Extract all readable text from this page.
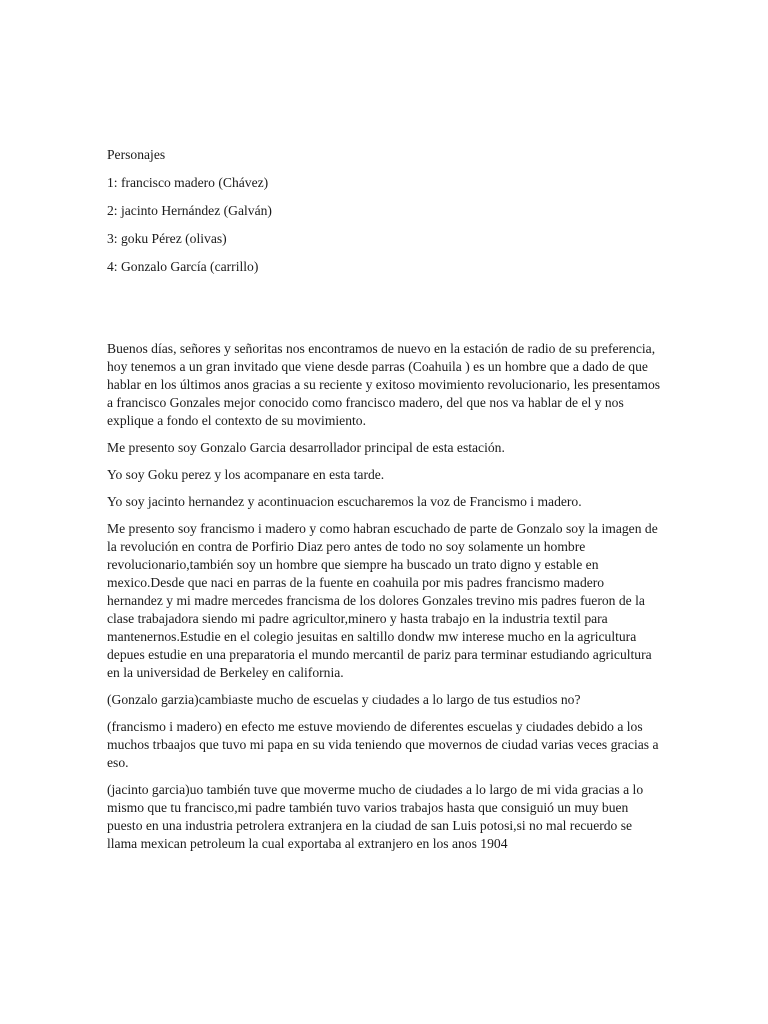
Personajes

1: francisco madero (Chávez)

2: jacinto Hernández (Galván)

3: goku Pérez (olivas)

4: Gonzalo García (carrillo)

Buenos días, señores y señoritas nos encontramos de nuevo en la estación de radio de su preferencia, hoy tenemos a un gran invitado que viene desde parras (Coahuila ) es un hombre que a dado de que hablar en los últimos anos gracias a su reciente y exitoso movimiento revolucionario, les presentamos a francisco Gonzales mejor conocido como francisco madero, del que nos va hablar de el y nos explique a fondo el contexto de su movimiento.

Me presento soy Gonzalo Garcia desarrollador principal de esta estación.

Yo soy Goku perez y los acompanare en esta tarde.

Yo soy jacinto hernandez y acontinuacion escucharemos la voz de Francismo i madero.

Me presento soy francismo i madero y como habran escuchado de parte de Gonzalo soy la imagen de la revolución en contra de Porfirio Diaz pero antes de todo no soy solamente un hombre revolucionario,también soy un hombre que siempre ha buscado un trato digno y estable en mexico.Desde que naci en parras de la fuente en coahuila por mis padres francismo madero hernandez y mi madre mercedes francisma de los dolores Gonzales trevino mis padres fueron de la clase trabajadora siendo mi padre agricultor,minero y hasta trabajo en la industria textil para mantenernos.Estudie en el colegio jesuitas en saltillo dondw mw interese mucho en la agricultura depues estudie en una preparatoria el mundo mercantil de pariz para terminar estudiando agricultura en la universidad de Berkeley en california.

(Gonzalo garzia)cambiaste mucho de escuelas y ciudades a lo largo de tus estudios no?

(francismo i madero) en efecto me estuve moviendo de diferentes escuelas y ciudades debido a los muchos trbaajos que tuvo mi papa en su vida teniendo que movernos de ciudad varias veces gracias a eso.

(jacinto garcia)uo también tuve que moverme mucho de ciudades a lo largo de mi vida gracias a lo mismo que tu francisco,mi padre también tuvo varios trabajos hasta que consiguió un muy buen puesto en una industria petrolera extranjera en la ciudad de san Luis potosi,si no mal recuerdo se llama mexican petroleum la cual exportaba al extranjero en los anos 1904
